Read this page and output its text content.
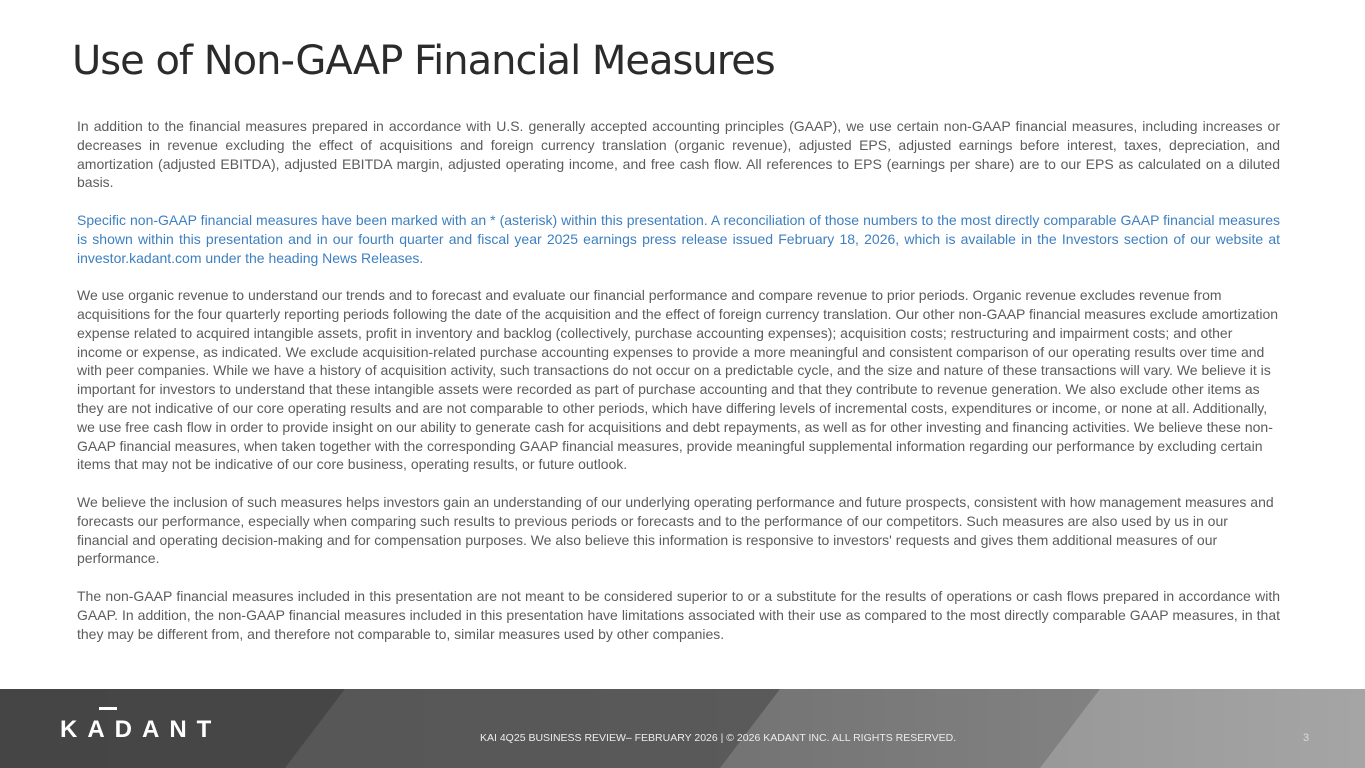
Use of Non-GAAP Financial Measures

In addition to the financial measures prepared in accordance with U.S. generally accepted accounting principles (GAAP), we use certain non-GAAP financial measures, including increases or decreases in revenue excluding the effect of acquisitions and foreign currency translation (organic revenue), adjusted EPS, adjusted earnings before interest, taxes, depreciation, and amortization (adjusted EBITDA), adjusted EBITDA margin, adjusted operating income, and free cash flow. All references to EPS (earnings per share) are to our EPS as calculated on a diluted basis.

Specific non-GAAP financial measures have been marked with an * (asterisk) within this presentation. A reconciliation of those numbers to the most directly comparable GAAP financial measures is shown within this presentation and in our fourth quarter and fiscal year 2025 earnings press release issued February 18, 2026, which is available in the Investors section of our website at investor.kadant.com under the heading News Releases.

We use organic revenue to understand our trends and to forecast and evaluate our financial performance and compare revenue to prior periods. Organic revenue excludes revenue from acquisitions for the four quarterly reporting periods following the date of the acquisition and the effect of foreign currency translation. Our other non-GAAP financial measures exclude amortization expense related to acquired intangible assets, profit in inventory and backlog (collectively, purchase accounting expenses); acquisition costs; restructuring and impairment costs; and other income or expense, as indicated. We exclude acquisition-related purchase accounting expenses to provide a more meaningful and consistent comparison of our operating results over time and with peer companies. While we have a history of acquisition activity, such transactions do not occur on a predictable cycle, and the size and nature of these transactions will vary. We believe it is important for investors to understand that these intangible assets were recorded as part of purchase accounting and that they contribute to revenue generation. We also exclude other items as they are not indicative of our core operating results and are not comparable to other periods, which have differing levels of incremental costs, expenditures or income, or none at all. Additionally, we use free cash flow in order to provide insight on our ability to generate cash for acquisitions and debt repayments, as well as for other investing and financing activities. We believe these non-GAAP financial measures, when taken together with the corresponding GAAP financial measures, provide meaningful supplemental information regarding our performance by excluding certain items that may not be indicative of our core business, operating results, or future outlook.

We believe the inclusion of such measures helps investors gain an understanding of our underlying operating performance and future prospects, consistent with how management measures and forecasts our performance, especially when comparing such results to previous periods or forecasts and to the performance of our competitors. Such measures are also used by us in our financial and operating decision-making and for compensation purposes. We also believe this information is responsive to investors' requests and gives them additional measures of our performance.

The non-GAAP financial measures included in this presentation are not meant to be considered superior to or a substitute for the results of operations or cash flows prepared in accordance with GAAP. In addition, the non-GAAP financial measures included in this presentation have limitations associated with their use as compared to the most directly comparable GAAP measures, in that they may be different from, and therefore not comparable to, similar measures used by other companies.

KADANT	KAI 4Q25 BUSINESS REVIEW– FEBRUARY 2026 | © 2026 KADANT INC. ALL RIGHTS RESERVED.	3
